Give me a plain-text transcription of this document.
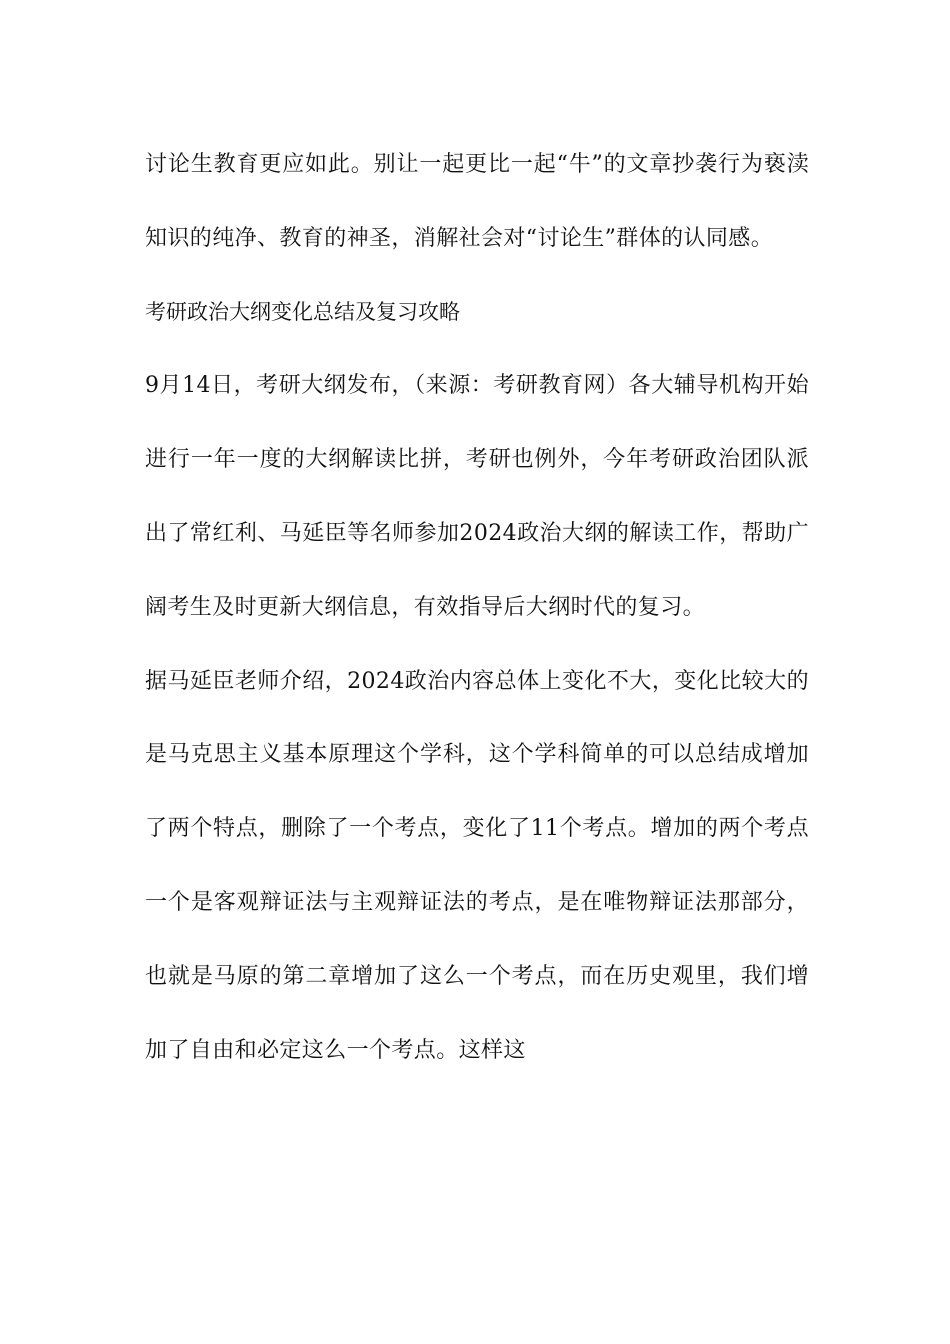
讨论生教育更应如此。别让一起更比一起“牛”的文章抄袭行为亵渎知识的纯净、教育的神圣，消解社会对“讨论生”群体的认同感。

考研政治大纲变化总结及复习攻略

9月14日，考研大纲发布，（来源：考研教育网）各大辅导机构开始进行一年一度的大纲解读比拼，考研也例外，今年考研政治团队派出了常红利、马延臣等名师参加2024政治大纲的解读工作，帮助广阔考生及时更新大纲信息，有效指导后大纲时代的复习。

据马延臣老师介绍，2024政治内容总体上变化不大，变化比较大的是马克思主义基本原理这个学科，这个学科简单的可以总结成增加了两个特点，删除了一个考点，变化了11个考点。增加的两个考点一个是客观辩证法与主观辩证法的考点，是在唯物辩证法那部分，也就是马原的第二章增加了这么一个考点，而在历史观里，我们增加了自由和必定这么一个考点。这样这
